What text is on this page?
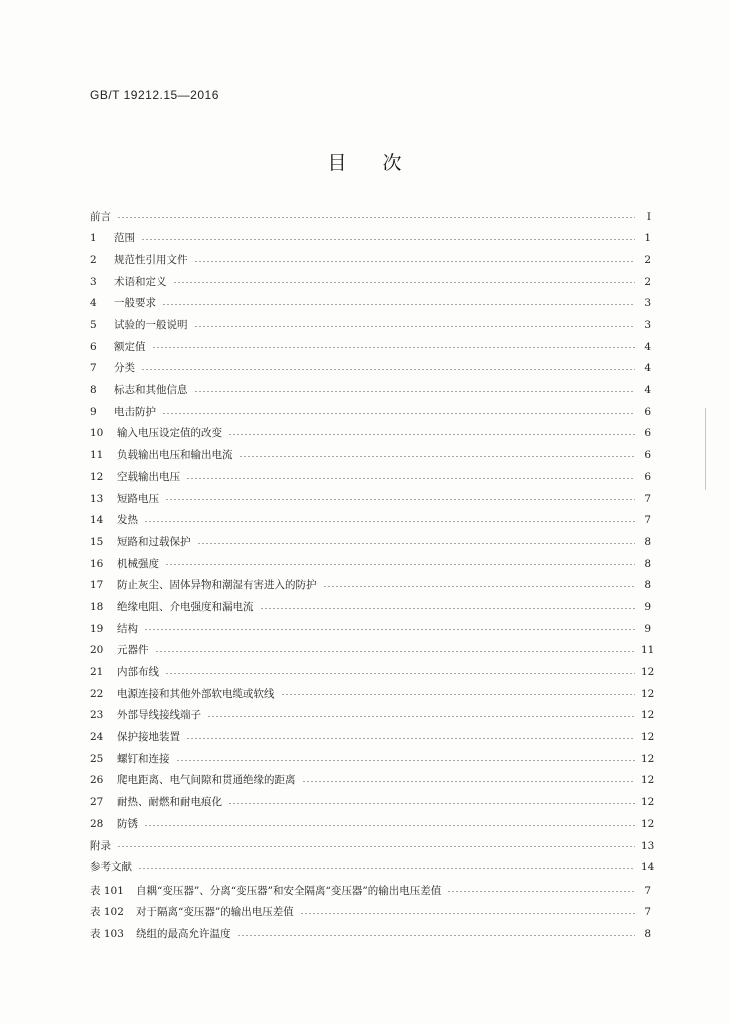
GB/T 19212.15—2016
目 次
前言	Ⅰ
1	范围	1
2	规范性引用文件	2
3	术语和定义	2
4	一般要求	3
5	试验的一般说明	3
6	额定值	4
7	分类	4
8	标志和其他信息	4
9	电击防护	6
10	输入电压设定值的改变	6
11	负载输出电压和输出电流	6
12	空载输出电压	6
13	短路电压	7
14	发热	7
15	短路和过载保护	8
16	机械强度	8
17	防止灰尘、固体异物和潮湿有害进入的防护	8
18	绝缘电阻、介电强度和漏电流	9
19	结构	9
20	元器件	11
21	内部布线	12
22	电源连接和其他外部软电缆或软线	12
23	外部导线接线端子	12
24	保护接地装置	12
25	螺钉和连接	12
26	爬电距离、电气间隙和贯通绝缘的距离	12
27	耐热、耐燃和耐电痕化	12
28	防锈	12
附录	13
参考文献	14
表 101	自耦“变压器”、分离“变压器”和安全隔离“变压器”的输出电压差值	7
表 102	对于隔离“变压器”的输出电压差值	7
表 103	绕组的最高允许温度	8
